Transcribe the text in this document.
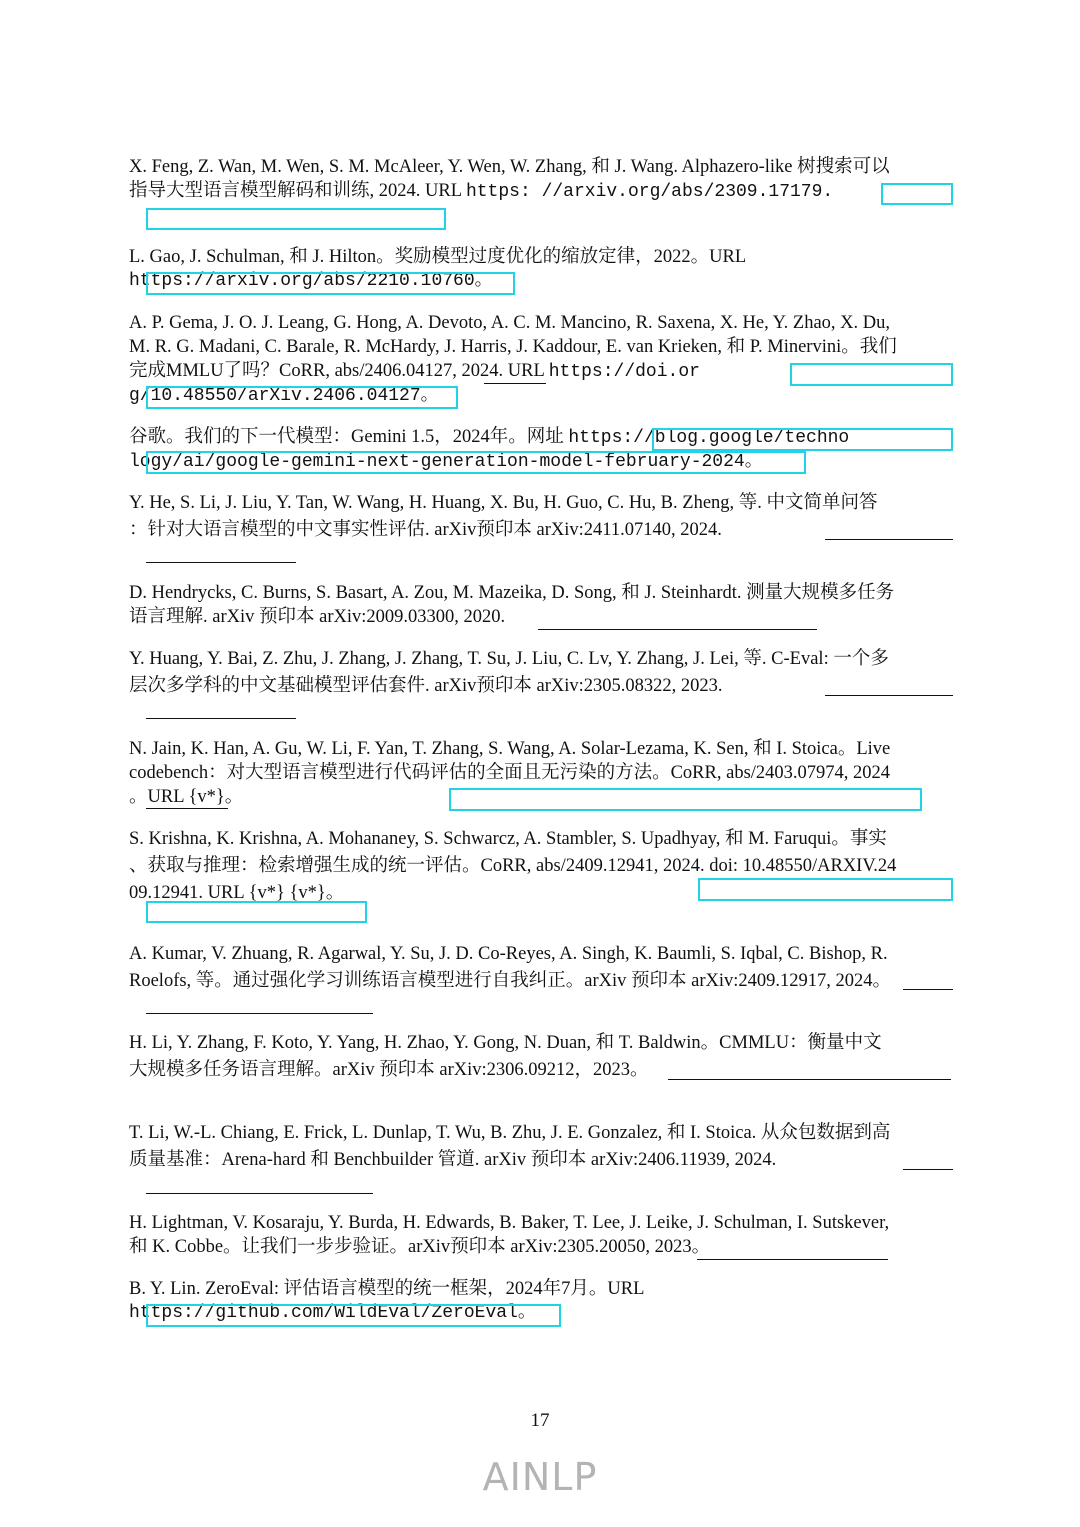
X. Feng, Z. Wan, M. Wen, S. M. McAleer, Y. Wen, W. Zhang, 和 J. Wang. Alphazero-like 树搜索可以
指导大型语言模型解码和训练, 2024. URL https: //arxiv.org/abs/2309.17179.
L. Gao, J. Schulman, 和 J. Hilton。奖励模型过度优化的缩放定律，2022。URL
https://arxiv.org/abs/2210.10760。
A. P. Gema, J. O. J. Leang, G. Hong, A. Devoto, A. C. M. Mancino, R. Saxena, X. He, Y. Zhao, X. Du,
M. R. G. Madani, C. Barale, R. McHardy, J. Harris, J. Kaddour, E. van Krieken, 和 P. Minervini。我们
完成MMLU了吗？CoRR, abs/2406.04127, 2024. URL https://doi.or
g/10.48550/arXiv.2406.04127。
谷歌。我们的下一代模型：Gemini 1.5，2024年。网址 https://blog.google/techno
logy/ai/google-gemini-next-generation-model-february-2024。
Y. He, S. Li, J. Liu, Y. Tan, W. Wang, H. Huang, X. Bu, H. Guo, C. Hu, B. Zheng, 等. 中文简单问答
：针对大语言模型的中文事实性评估. arXiv预印本 arXiv:2411.07140, 2024.
D. Hendrycks, C. Burns, S. Basart, A. Zou, M. Mazeika, D. Song, 和 J. Steinhardt. 测量大规模多任务
语言理解. arXiv 预印本 arXiv:2009.03300, 2020.
Y. Huang, Y. Bai, Z. Zhu, J. Zhang, J. Zhang, T. Su, J. Liu, C. Lv, Y. Zhang, J. Lei, 等. C-Eval: 一个多
层次多学科的中文基础模型评估套件. arXiv预印本 arXiv:2305.08322, 2023.
N. Jain, K. Han, A. Gu, W. Li, F. Yan, T. Zhang, S. Wang, A. Solar-Lezama, K. Sen, 和 I. Stoica。Live
codebench：对大型语言模型进行代码评估的全面且无污染的方法。CoRR, abs/2403.07974, 2024
。URL {v*}。
S. Krishna, K. Krishna, A. Mohananey, S. Schwarcz, A. Stambler, S. Upadhyay, 和 M. Faruqui。事实
、获取与推理：检索增强生成的统一评估。CoRR, abs/2409.12941, 2024. doi: 10.48550/ARXIV.24
09.12941. URL {v*} {v*}。
A. Kumar, V. Zhuang, R. Agarwal, Y. Su, J. D. Co-Reyes, A. Singh, K. Baumli, S. Iqbal, C. Bishop, R.
Roelofs, 等。通过强化学习训练语言模型进行自我纠正。arXiv 预印本 arXiv:2409.12917, 2024。
H. Li, Y. Zhang, F. Koto, Y. Yang, H. Zhao, Y. Gong, N. Duan, 和 T. Baldwin。CMMLU：衡量中文
大规模多任务语言理解。arXiv 预印本 arXiv:2306.09212，2023。
T. Li, W.-L. Chiang, E. Frick, L. Dunlap, T. Wu, B. Zhu, J. E. Gonzalez, 和 I. Stoica. 从众包数据到高
质量基准：Arena-hard 和 Benchbuilder 管道. arXiv 预印本 arXiv:2406.11939, 2024.
H. Lightman, V. Kosaraju, Y. Burda, H. Edwards, B. Baker, T. Lee, J. Leike, J. Schulman, I. Sutskever,
和 K. Cobbe。让我们一步步验证。arXiv预印本 arXiv:2305.20050, 2023。
B. Y. Lin. ZeroEval: 评估语言模型的统一框架，2024年7月。URL
https://github.com/WildEval/ZeroEval。
17
AINLP
